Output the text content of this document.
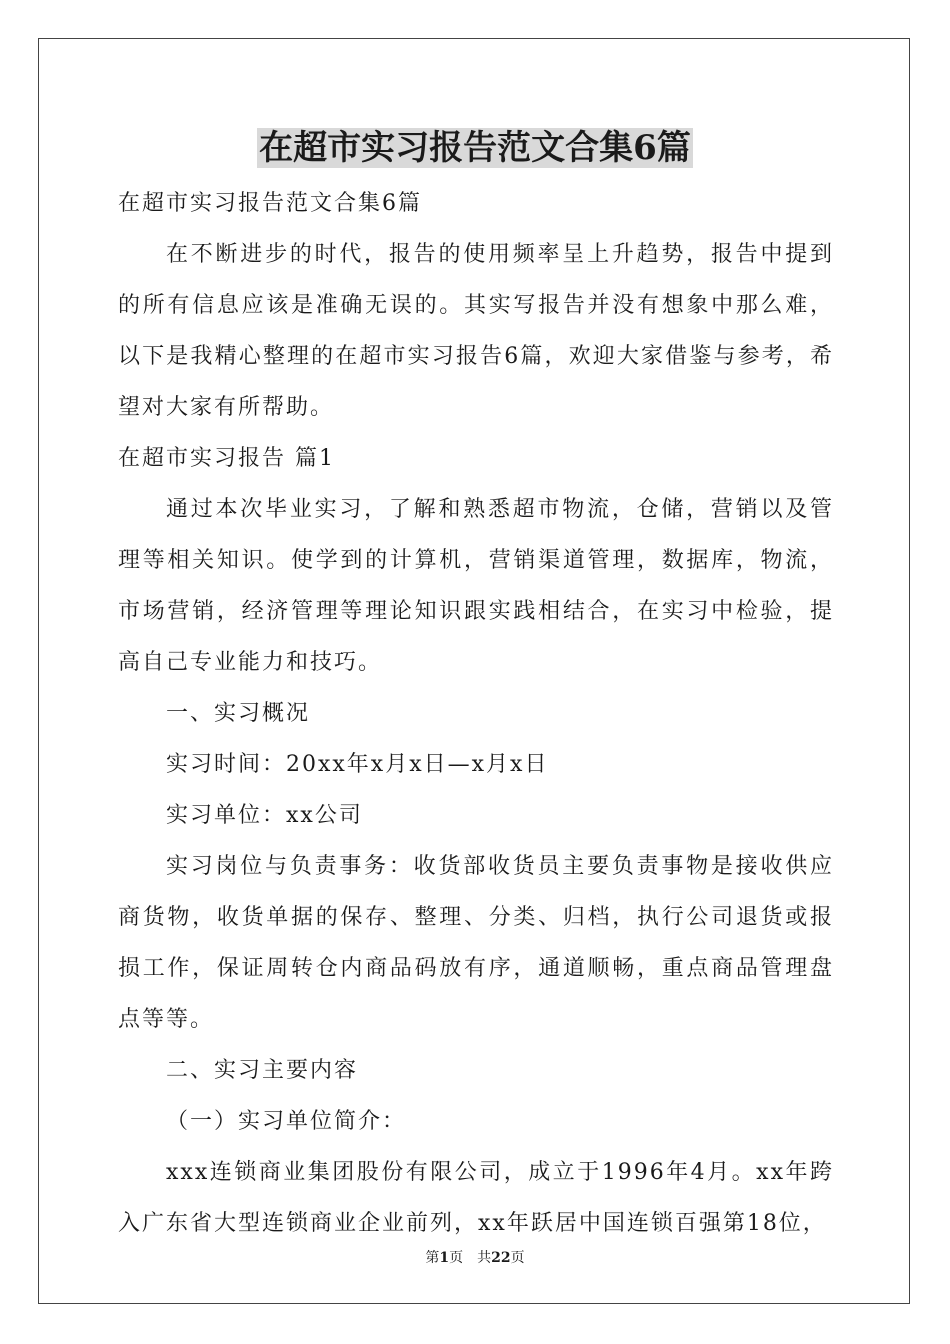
在超市实习报告范文合集6篇

在超市实习报告范文合集6篇

在不断进步的时代，报告的使用频率呈上升趋势，报告中提到的所有信息应该是准确无误的。其实写报告并没有想象中那么难，以下是我精心整理的在超市实习报告6篇，欢迎大家借鉴与参考，希望对大家有所帮助。

在超市实习报告 篇1

通过本次毕业实习，了解和熟悉超市物流，仓储，营销以及管理等相关知识。使学到的计算机，营销渠道管理，数据库，物流，市场营销，经济管理等理论知识跟实践相结合，在实习中检验，提高自己专业能力和技巧。

一、实习概况

实习时间：20xx年x月x日—x月x日

实习单位：xx公司

实习岗位与负责事务：收货部收货员主要负责事物是接收供应商货物，收货单据的保存、整理、分类、归档，执行公司退货或报损工作，保证周转仓内商品码放有序，通道顺畅，重点商品管理盘点等等。

二、实习主要内容

（一）实习单位简介：

xxx连锁商业集团股份有限公司，成立于1996年4月。xx年跨入广东省大型连锁商业企业前列，xx年跃居中国连锁百强第18位，

第1页　共22页
